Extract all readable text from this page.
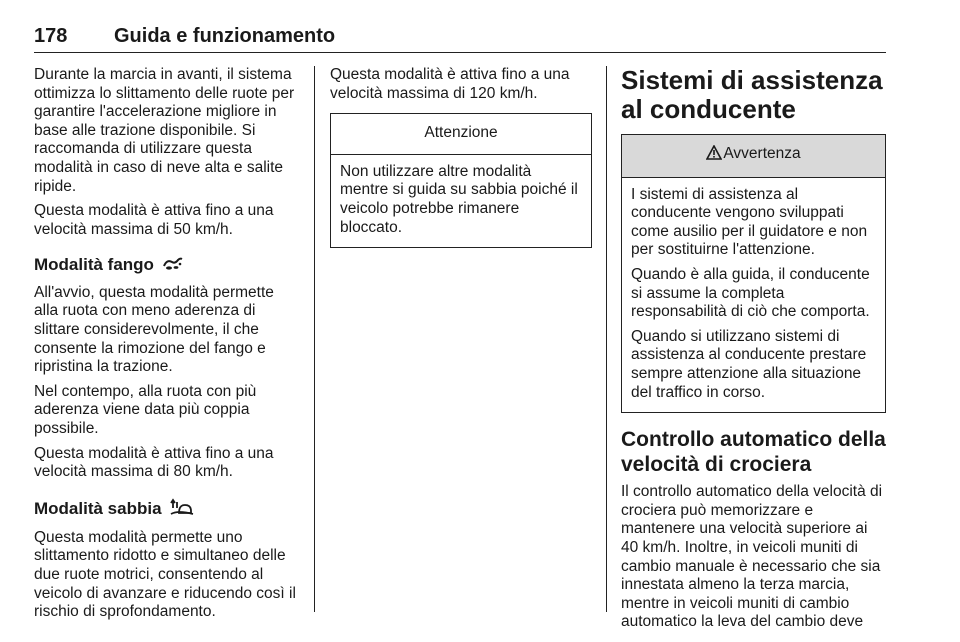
178 Guida e funzionamento

Durante la marcia in avanti, il sistema ottimizza lo slittamento delle ruote per garantire l'accelerazione migliore in base alle trazione disponibile. Si raccomanda di utilizzare questa modalità in caso di neve alta e salite ripide.

Questa modalità è attiva fino a una velocità massima di 50 km/h.

Modalità fango

All'avvio, questa modalità permette alla ruota con meno aderenza di slittare considerevolmente, il che consente la rimozione del fango e ripristina la trazione.

Nel contempo, alla ruota con più aderenza viene data più coppia possibile.

Questa modalità è attiva fino a una velocità massima di 80 km/h.

Modalità sabbia

Questa modalità permette uno slittamento ridotto e simultaneo delle due ruote motrici, consentendo al veicolo di avanzare e riducendo così il rischio di sprofondamento.

Questa modalità è attiva fino a una velocità massima di 120 km/h.

Attenzione

Non utilizzare altre modalità mentre si guida su sabbia poiché il veicolo potrebbe rimanere bloccato.

Sistemi di assistenza al conducente
Avvertenza

I sistemi di assistenza al conducente vengono sviluppati come ausilio per il guidatore e non per sostituirne l'attenzione.

Quando è alla guida, il conducente si assume la completa responsabilità di ciò che comporta.

Quando si utilizzano sistemi di assistenza al conducente prestare sempre attenzione alla situazione del traffico in corso.

Controllo automatico della velocità di crociera

Il controllo automatico della velocità di crociera può memorizzare e mantenere una velocità superiore ai 40 km/h. Inoltre, in veicoli muniti di cambio manuale è necessario che sia innestata almeno la terza marcia, mentre in veicoli muniti di cambio automatico la leva del cambio deve
